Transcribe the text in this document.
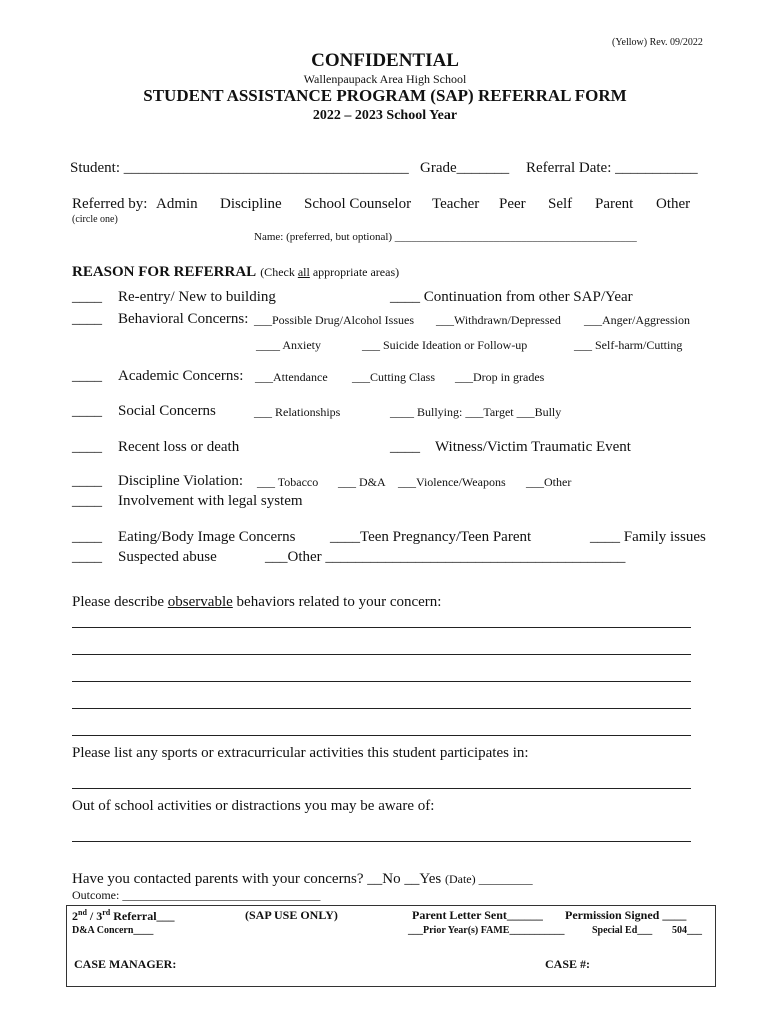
(Yellow) Rev. 09/2022
CONFIDENTIAL
Wallenpaupack Area High School
STUDENT ASSISTANCE PROGRAM (SAP) REFERRAL FORM
2022 – 2023 School Year
Student: ______________________________________ Grade_______ Referral Date: ___________
Referred by: Admin Discipline School Counselor Teacher Peer Self Parent Other
(circle one)
Name: (preferred, but optional) ____________________________________________
REASON FOR REFERRAL (Check all appropriate areas)
____ Re-entry/ New to building	____ Continuation from other SAP/Year
____ Behavioral Concerns: ___Possible Drug/Alcohol Issues ___Withdrawn/Depressed ___Anger/Aggression
____ Anxiety	___ Suicide Ideation or Follow-up	___ Self-harm/Cutting
____ Academic Concerns: ___Attendance ___Cutting Class ___Drop in grades
____ Social Concerns	___ Relationships	____ Bullying: ___Target ___Bully
____ Recent loss or death	____ Witness/Victim Traumatic Event
____ Discipline Violation: ___ Tobacco ___ D&A ___Violence/Weapons ___Other
____ Involvement with legal system
____ Eating/Body Image Concerns ____Teen Pregnancy/Teen Parent	____ Family issues
____ Suspected abuse	___Other ________________________________________
Please describe observable behaviors related to your concern:
Please list any sports or extracurricular activities this student participates in:
Out of school activities or distractions you may be aware of:
Have you contacted parents with your concerns? __No __Yes (Date) _________
Outcome: _________________________________
2nd / 3rd Referral___	(SAP USE ONLY)	Parent Letter Sent______ Permission Signed ____
D&A Concern____	___Prior Year(s) FAME___________	Special Ed___ 504___
CASE MANAGER:	CASE #:
